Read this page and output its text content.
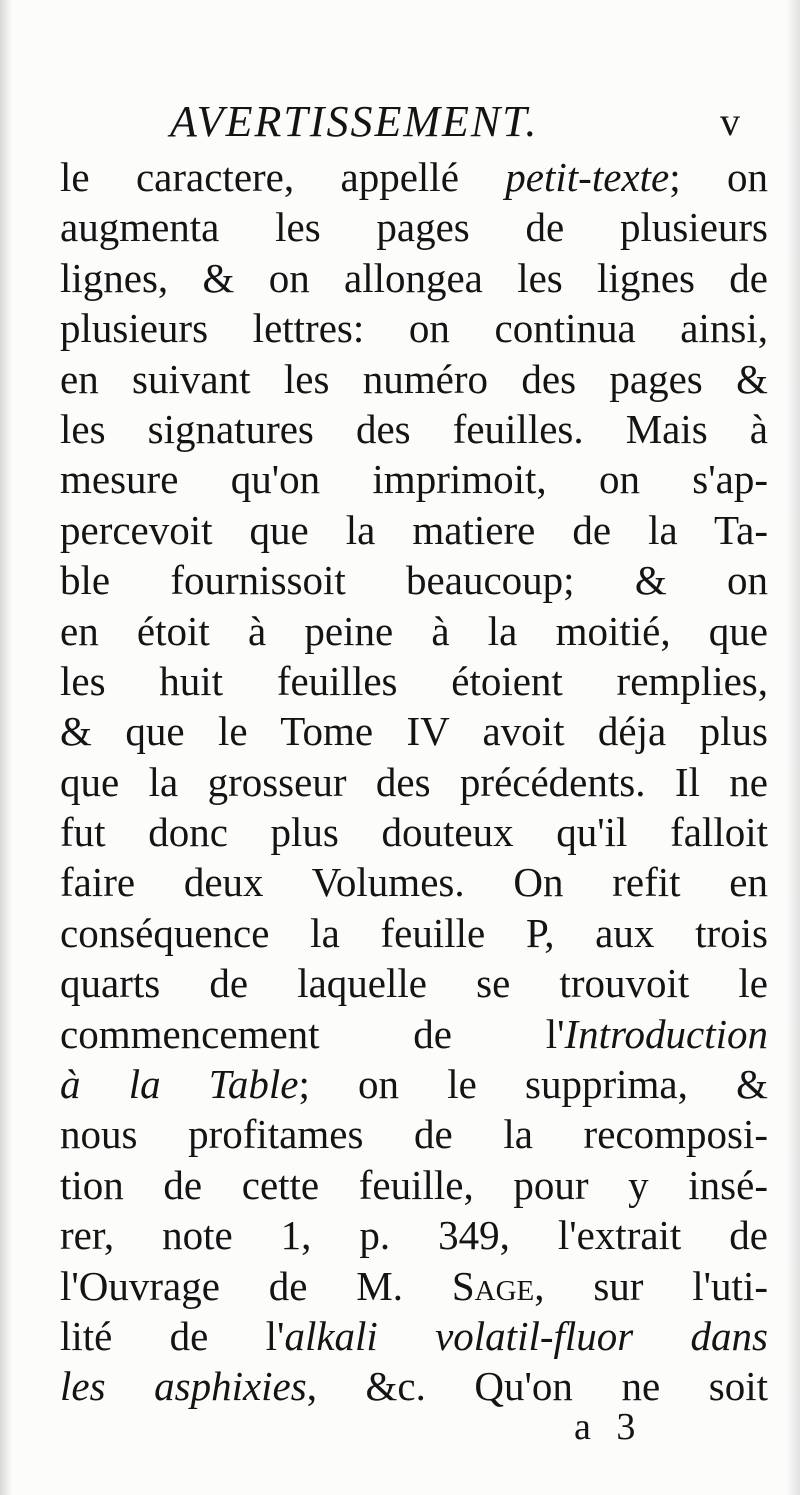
AVERTISSEMENT.	v
le caractere, appellé petit-texte; on
augmenta les pages de plusieurs
lignes, & on allongea les lignes de
plusieurs lettres: on continua ainsi,
en suivant les numéro des pages &
les signatures des feuilles. Mais à
mesure qu'on imprimoit, on s'ap-
percevoit que la matiere de la Ta-
ble fournissoit beaucoup; & on
en étoit à peine à la moitié, que
les huit feuilles étoient remplies,
& que le Tome IV avoit déja plus
que la grosseur des précédents. Il ne
fut donc plus douteux qu'il falloit
faire deux Volumes. On refit en
conséquence la feuille P, aux trois
quarts de laquelle se trouvoit le
commencement de l'Introduction
à la Table; on le supprima, &
nous profitames de la recomposi-
tion de cette feuille, pour y insé-
rer, note 1, p. 349, l'extrait de
l'Ouvrage de M. Sage, sur l'uti-
lité de l'alkali volatil-fluor dans
les asphixies, &c. Qu'on ne soit
a 3
